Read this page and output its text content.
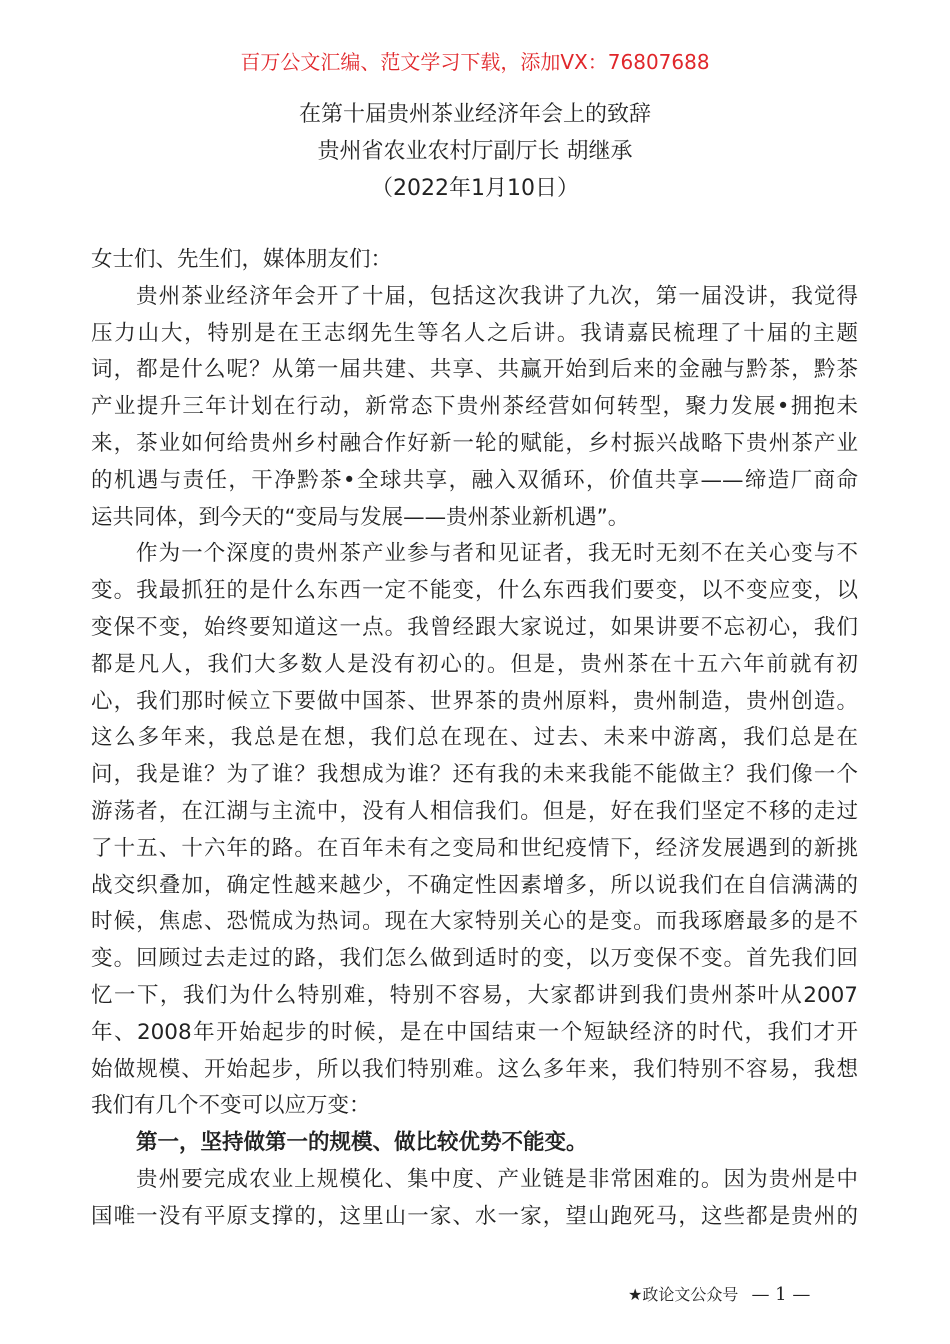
百万公文汇编、范文学习下载，添加VX：76807688
在第十届贵州茶业经济年会上的致辞
贵州省农业农村厅副厅长 胡继承
（2022年1月10日）
女士们、先生们，媒体朋友们：
贵州茶业经济年会开了十届，包括这次我讲了九次，第一届没讲，我觉得
压力山大，特别是在王志纲先生等名人之后讲。我请嘉民梳理了十届的主题
词，都是什么呢？从第一届共建、共享、共赢开始到后来的金融与黔茶，黔茶
产业提升三年计划在行动，新常态下贵州茶经营如何转型，聚力发展•拥抱未
来，茶业如何给贵州乡村融合作好新一轮的赋能，乡村振兴战略下贵州茶产业
的机遇与责任，干净黔茶•全球共享，融入双循环，价值共享——缔造厂商命
运共同体，到今天的“变局与发展——贵州茶业新机遇”。
作为一个深度的贵州茶产业参与者和见证者，我无时无刻不在关心变与不
变。我最抓狂的是什么东西一定不能变，什么东西我们要变，以不变应变，以
变保不变，始终要知道这一点。我曾经跟大家说过，如果讲要不忘初心，我们
都是凡人，我们大多数人是没有初心的。但是，贵州茶在十五六年前就有初
心，我们那时候立下要做中国茶、世界茶的贵州原料，贵州制造，贵州创造。
这么多年来，我总是在想，我们总在现在、过去、未来中游离，我们总是在
问，我是谁？为了谁？我想成为谁？还有我的未来我能不能做主？我们像一个
游荡者，在江湖与主流中，没有人相信我们。但是，好在我们坚定不移的走过
了十五、十六年的路。在百年未有之变局和世纪疫情下，经济发展遇到的新挑
战交织叠加，确定性越来越少，不确定性因素增多，所以说我们在自信满满的
时候，焦虑、恐慌成为热词。现在大家特别关心的是变。而我琢磨最多的是不
变。回顾过去走过的路，我们怎么做到适时的变，以万变保不变。首先我们回
忆一下，我们为什么特别难，特别不容易，大家都讲到我们贵州茶叶从2007
年、2008年开始起步的时候，是在中国结束一个短缺经济的时代，我们才开
始做规模、开始起步，所以我们特别难。这么多年来，我们特别不容易，我想
我们有几个不变可以应万变：
第一，坚持做第一的规模、做比较优势不能变。
贵州要完成农业上规模化、集中度、产业链是非常困难的。因为贵州是中
国唯一没有平原支撑的，这里山一家、水一家，望山跑死马，这些都是贵州的
★政论文公众号 — 1 —
